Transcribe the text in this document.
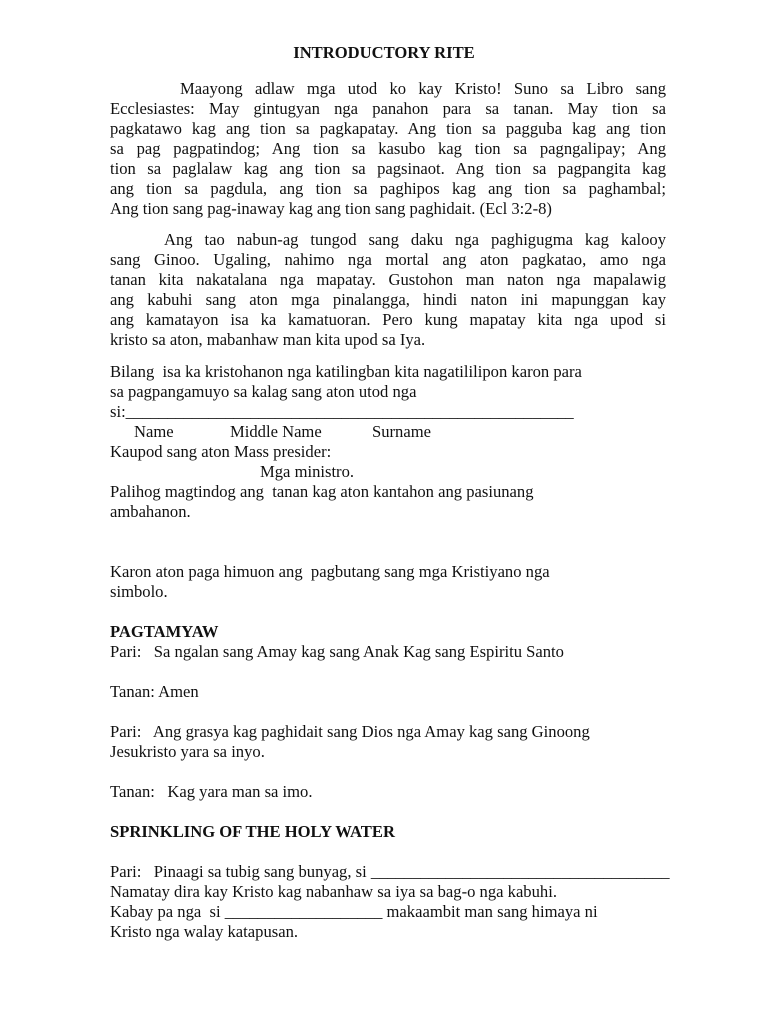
INTRODUCTORY RITE
Maayong adlaw mga utod ko kay Kristo! Suno sa Libro sang
Ecclesiastes: May gintugyan nga panahon para sa tanan. May tion sa
pagkatawo kag ang tion sa pagkapatay. Ang tion sa pagguba kag ang tion
sa pag pagpatindog; Ang tion sa kasubo kag tion sa pagngalipay; Ang
tion sa paglalaw kag ang tion sa pagsinaot. Ang tion sa pagpangita kag
ang tion sa pagdula, ang tion sa paghipos kag ang tion sa paghambal;
Ang tion sang pag-inaway kag ang tion sang paghidait. (Ecl 3:2-8)
Ang tao nabun-ag tungod sang daku nga paghigugma kag kalooy
sang Ginoo. Ugaling, nahimo nga mortal ang aton pagkatao, amo nga
tanan kita nakatalana nga mapatay. Gustohon man naton nga mapalawig
ang kabuhi sang aton mga pinalangga, hindi naton ini mapunggan kay
ang kamatayon isa ka kamatuoran. Pero kung mapatay kita nga upod si
kristo sa aton, mabanhaw man kita upod sa Iya.
Bilang  isa ka kristohanon nga katilingban kita nagatililipon karon para
sa pagpangamuyo sa kalag sang aton utod nga
si:______________________________________________________
Name	Middle Name	Surname
Kaupod sang aton Mass presider:
Mga ministro.
Palihog magtindog ang  tanan kag aton kantahon ang pasiunang
ambahanon.
Karon aton paga himuon ang  pagbutang sang mga Kristiyano nga
simbolo.
PAGTAMYAW
Pari:   Sa ngalan sang Amay kag sang Anak Kag sang Espiritu Santo
Tanan: Amen
Pari:   Ang grasya kag paghidait sang Dios nga Amay kag sang Ginoong
Jesukristo yara sa inyo.
Tanan:   Kag yara man sa imo.
SPRINKLING OF THE HOLY WATER
Pari:   Pinaagi sa tubig sang bunyag, si ____________________________________
Namatay dira kay Kristo kag nabanhaw sa iya sa bag-o nga kabuhi.
Kabay pa nga  si ___________________ makaambit man sang himaya ni
Kristo nga walay katapusan.
